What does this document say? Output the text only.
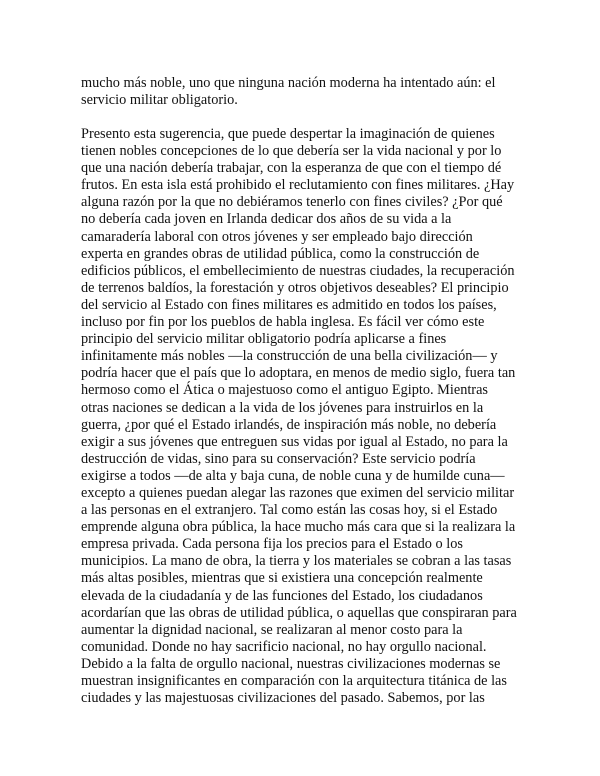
mucho más noble, uno que ninguna nación moderna ha intentado aún: el
servicio militar obligatorio.
Presento esta sugerencia, que puede despertar la imaginación de quienes
tienen nobles concepciones de lo que debería ser la vida nacional y por lo
que una nación debería trabajar, con la esperanza de que con el tiempo dé
frutos. En esta isla está prohibido el reclutamiento con fines militares. ¿Hay
alguna razón por la que no debiéramos tenerlo con fines civiles? ¿Por qué
no debería cada joven en Irlanda dedicar dos años de su vida a la
camaradería laboral con otros jóvenes y ser empleado bajo dirección
experta en grandes obras de utilidad pública, como la construcción de
edificios públicos, el embellecimiento de nuestras ciudades, la recuperación
de terrenos baldíos, la forestación y otros objetivos deseables? El principio
del servicio al Estado con fines militares es admitido en todos los países,
incluso por fin por los pueblos de habla inglesa. Es fácil ver cómo este
principio del servicio militar obligatorio podría aplicarse a fines
infinitamente más nobles —la construcción de una bella civilización— y
podría hacer que el país que lo adoptara, en menos de medio siglo, fuera tan
hermoso como el Ática o majestuoso como el antiguo Egipto. Mientras
otras naciones se dedican a la vida de los jóvenes para instruirlos en la
guerra, ¿por qué el Estado irlandés, de inspiración más noble, no debería
exigir a sus jóvenes que entreguen sus vidas por igual al Estado, no para la
destrucción de vidas, sino para su conservación? Este servicio podría
exigirse a todos —de alta y baja cuna, de noble cuna y de humilde cuna—
excepto a quienes puedan alegar las razones que eximen del servicio militar
a las personas en el extranjero. Tal como están las cosas hoy, si el Estado
emprende alguna obra pública, la hace mucho más cara que si la realizara la
empresa privada. Cada persona fija los precios para el Estado o los
municipios. La mano de obra, la tierra y los materiales se cobran a las tasas
más altas posibles, mientras que si existiera una concepción realmente
elevada de la ciudadanía y de las funciones del Estado, los ciudadanos
acordarían que las obras de utilidad pública, o aquellas que conspiraran para
aumentar la dignidad nacional, se realizaran al menor costo para la
comunidad. Donde no hay sacrificio nacional, no hay orgullo nacional.
Debido a la falta de orgullo nacional, nuestras civilizaciones modernas se
muestran insignificantes en comparación con la arquitectura titánica de las
ciudades y las majestuosas civilizaciones del pasado. Sabemos, por las
